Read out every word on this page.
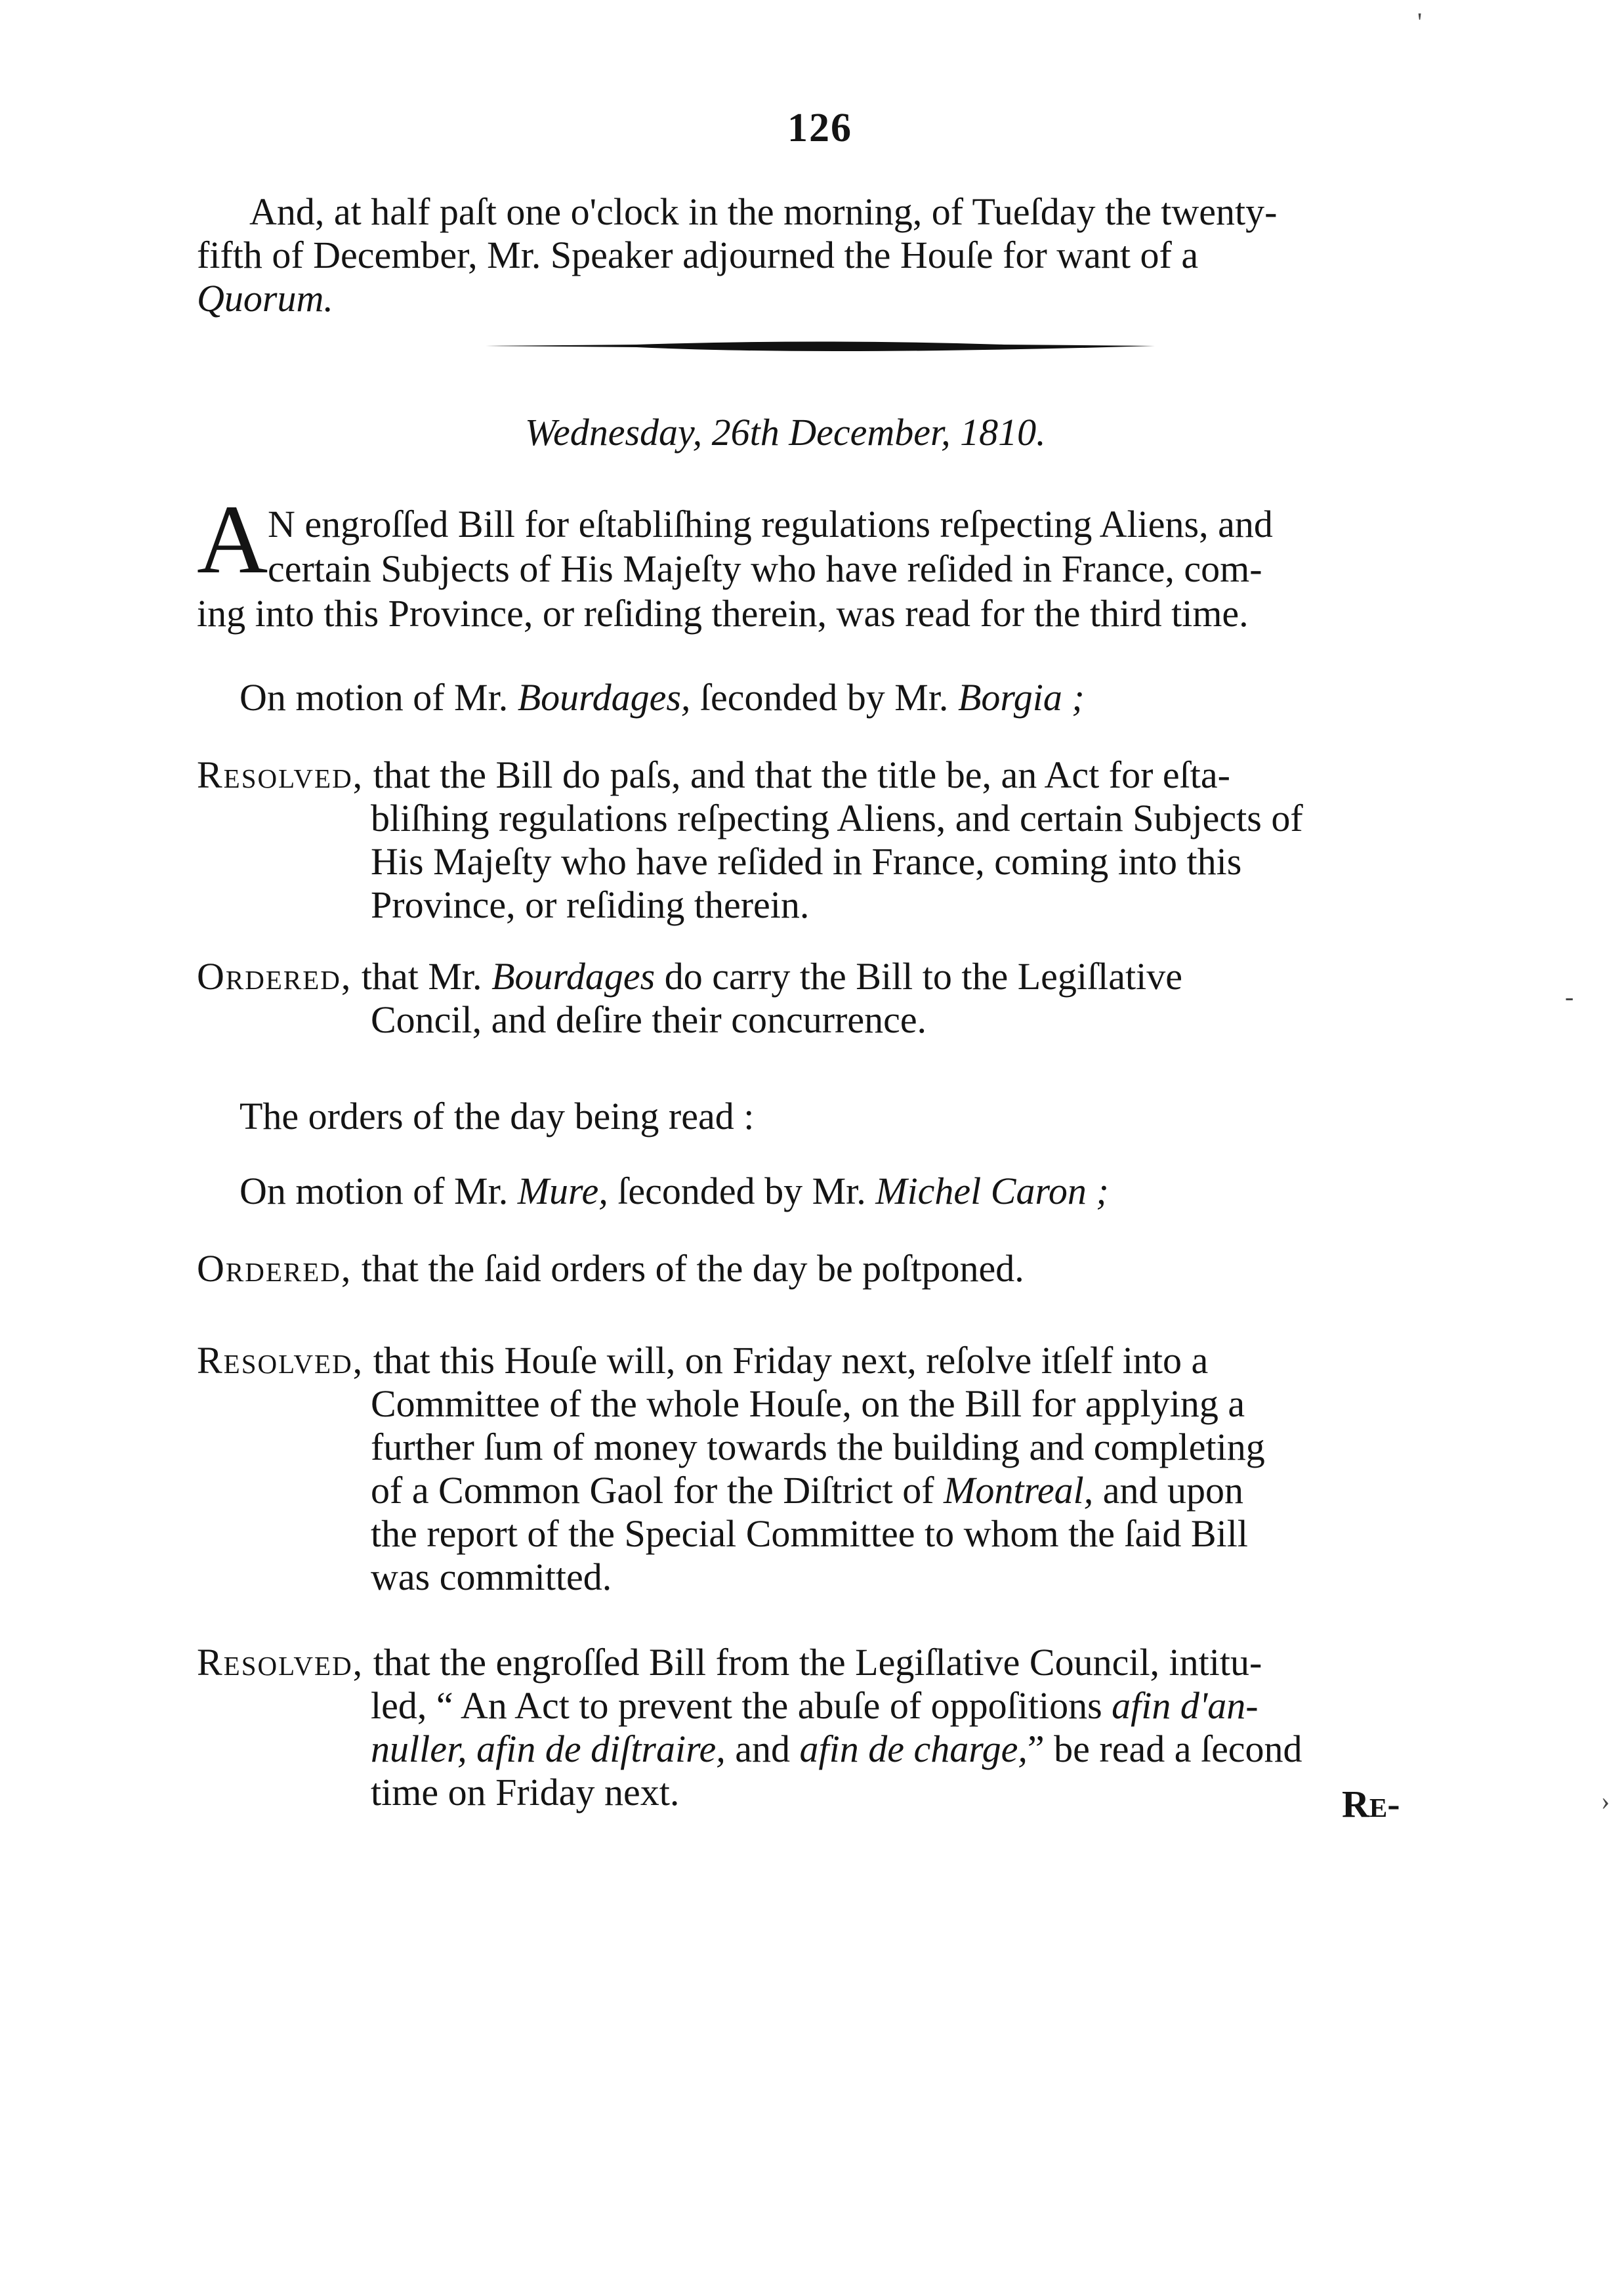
126
And, at half paſt one o'clock in the morning, of Tueſday the twenty-
fifth of December, Mr. Speaker adjourned the Houſe for want of a
Quorum.
Wednesday, 26th December, 1810.
A N engroſſed Bill for eſtabliſhing regulations reſpecting Aliens, and
certain Subjects of His Majeſty who have reſided in France, com-
ing into this Province, or reſiding therein, was read for the third time.
On motion of Mr. Bourdages, ſeconded by Mr. Borgia ;
Resolved, that the Bill do paſs, and that the title be, an Act for eſta-
bliſhing regulations reſpecting Aliens, and certain Subjects of
His Majeſty who have reſided in France, coming into this
Province, or reſiding therein.
Ordered, that Mr. Bourdages do carry the Bill to the Legiſlative
Concil, and deſire their concurrence.
The orders of the day being read :
On motion of Mr. Mure, ſeconded by Mr. Michel Caron ;
Ordered, that the ſaid orders of the day be poſtponed.
Resolved, that this Houſe will, on Friday next, reſolve itſelf into a
Committee of the whole Houſe, on the Bill for applying a
further ſum of money towards the building and completing
of a Common Gaol for the Diſtrict of Montreal, and upon
the report of the Special Committee to whom the ſaid Bill
was committed.
Resolved, that the engroſſed Bill from the Legiſlative Council, intitu-
led, “ An Act to prevent the abuſe of oppoſitions afin d'an-
nuller, afin de diſtraire, and afin de charge,” be read a ſecond
time on Friday next.	Re-
'
-
›
